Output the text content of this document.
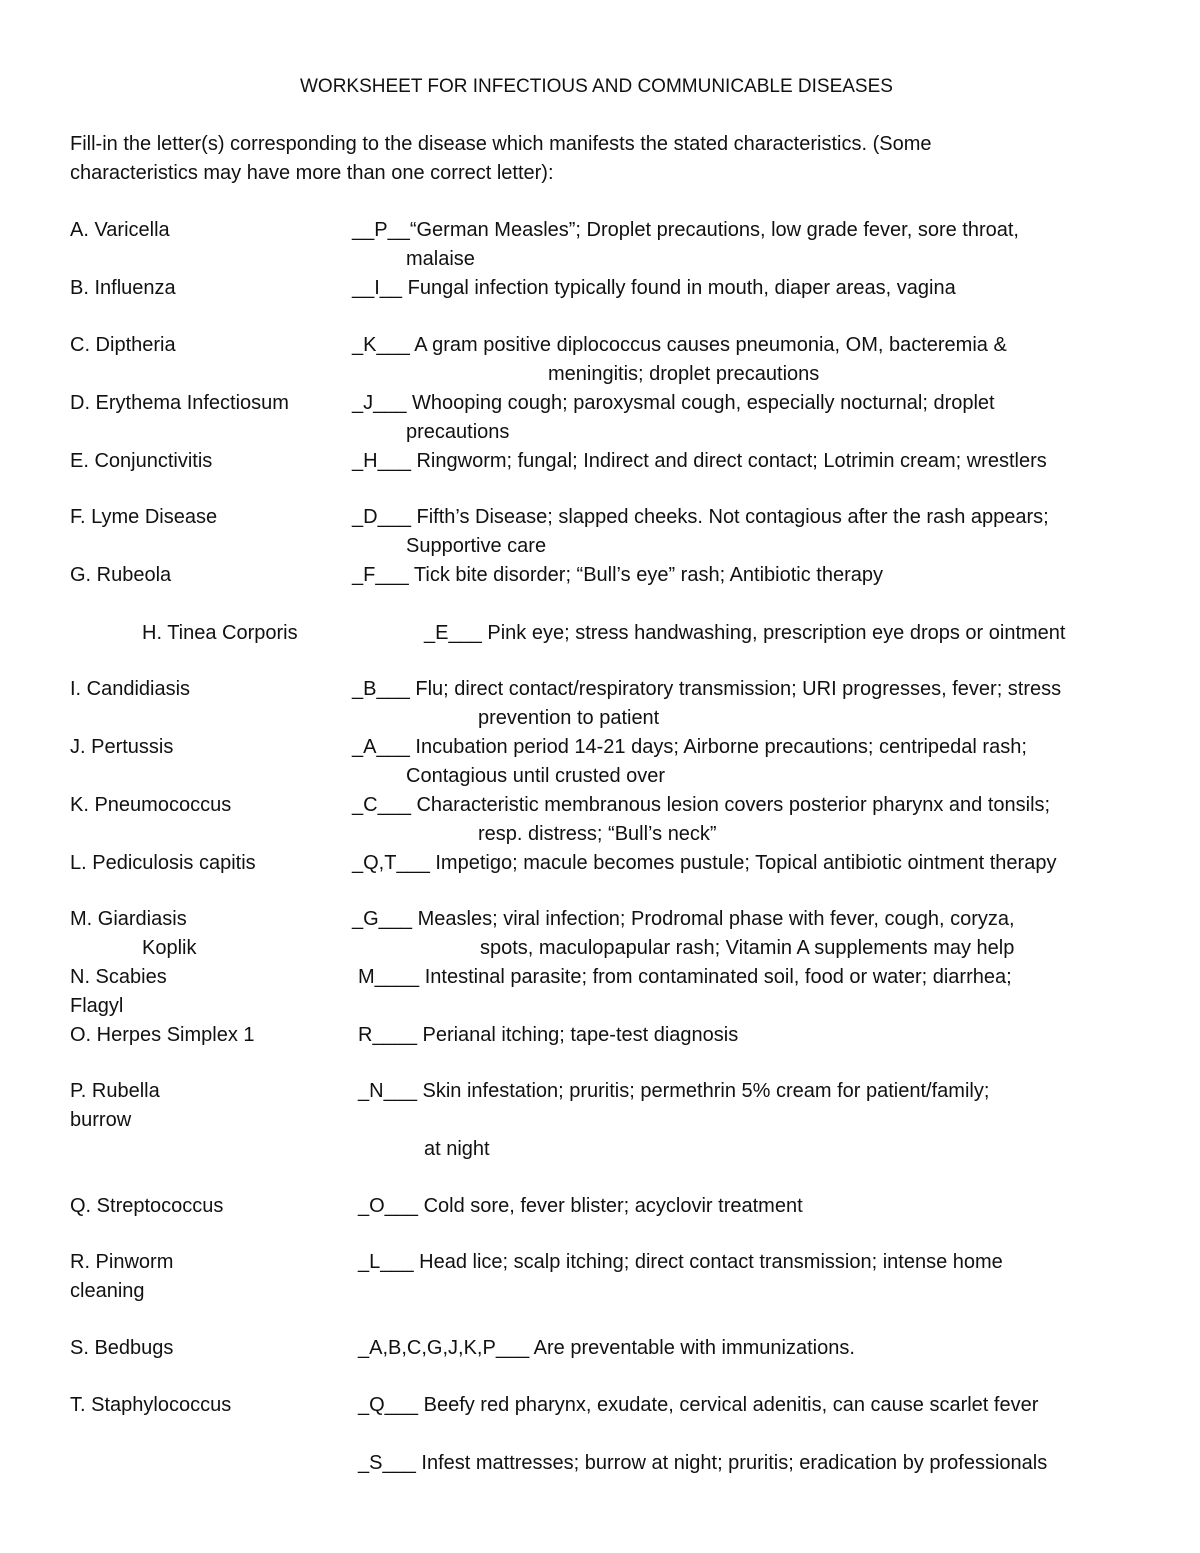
WORKSHEET FOR INFECTIOUS AND COMMUNICABLE DISEASES
Fill-in the letter(s) corresponding to the disease which manifests the stated characteristics. (Some
characteristics may have more than one correct letter):
A. Varicella
B. Influenza
C. Diptheria
D. Erythema Infectiosum
E. Conjunctivitis
F. Lyme Disease
G. Rubeola
H. Tinea Corporis
I. Candidiasis
J. Pertussis
K. Pneumococcus
L. Pediculosis capitis
M. Giardiasis
N. Scabies
O. Herpes Simplex 1
P. Rubella
Q. Streptococcus
R. Pinworm
S. Bedbugs
T. Staphylococcus
__P__“German Measles”; Droplet precautions, low grade fever, sore throat,
malaise
__I__ Fungal infection typically found in mouth, diaper areas, vagina
_K___ A gram positive diplococcus causes pneumonia, OM, bacteremia &
meningitis; droplet precautions
_J___ Whooping cough; paroxysmal cough, especially nocturnal; droplet
precautions
_H___ Ringworm; fungal; Indirect and direct contact; Lotrimin cream; wrestlers
_D___ Fifth’s Disease; slapped cheeks. Not contagious after the rash appears;
Supportive care
_F___ Tick bite disorder; “Bull’s eye” rash; Antibiotic therapy
_E___ Pink eye; stress handwashing, prescription eye drops or ointment
_B___ Flu; direct contact/respiratory transmission; URI progresses, fever; stress
prevention to patient
_A___ Incubation period 14-21 days; Airborne precautions; centripedal rash;
Contagious until crusted over
_C___ Characteristic membranous lesion covers posterior pharynx and tonsils;
resp. distress; “Bull’s neck”
_Q,T___ Impetigo; macule becomes pustule; Topical antibiotic ointment therapy
_G___ Measles; viral infection; Prodromal phase with fever, cough, coryza,
Koplik	spots, maculopapular rash; Vitamin A supplements may help
M____ Intestinal parasite; from contaminated soil, food or water; diarrhea;
Flagyl
R____ Perianal itching; tape-test diagnosis
_N___ Skin infestation; pruritis; permethrin 5% cream for patient/family;
burrow
at night
_O___ Cold sore, fever blister; acyclovir treatment
_L___ Head lice; scalp itching; direct contact transmission; intense home
cleaning
_A,B,C,G,J,K,P___ Are preventable with immunizations.
_Q___ Beefy red pharynx, exudate, cervical adenitis, can cause scarlet fever
_S___ Infest mattresses; burrow at night; pruritis; eradication by professionals
